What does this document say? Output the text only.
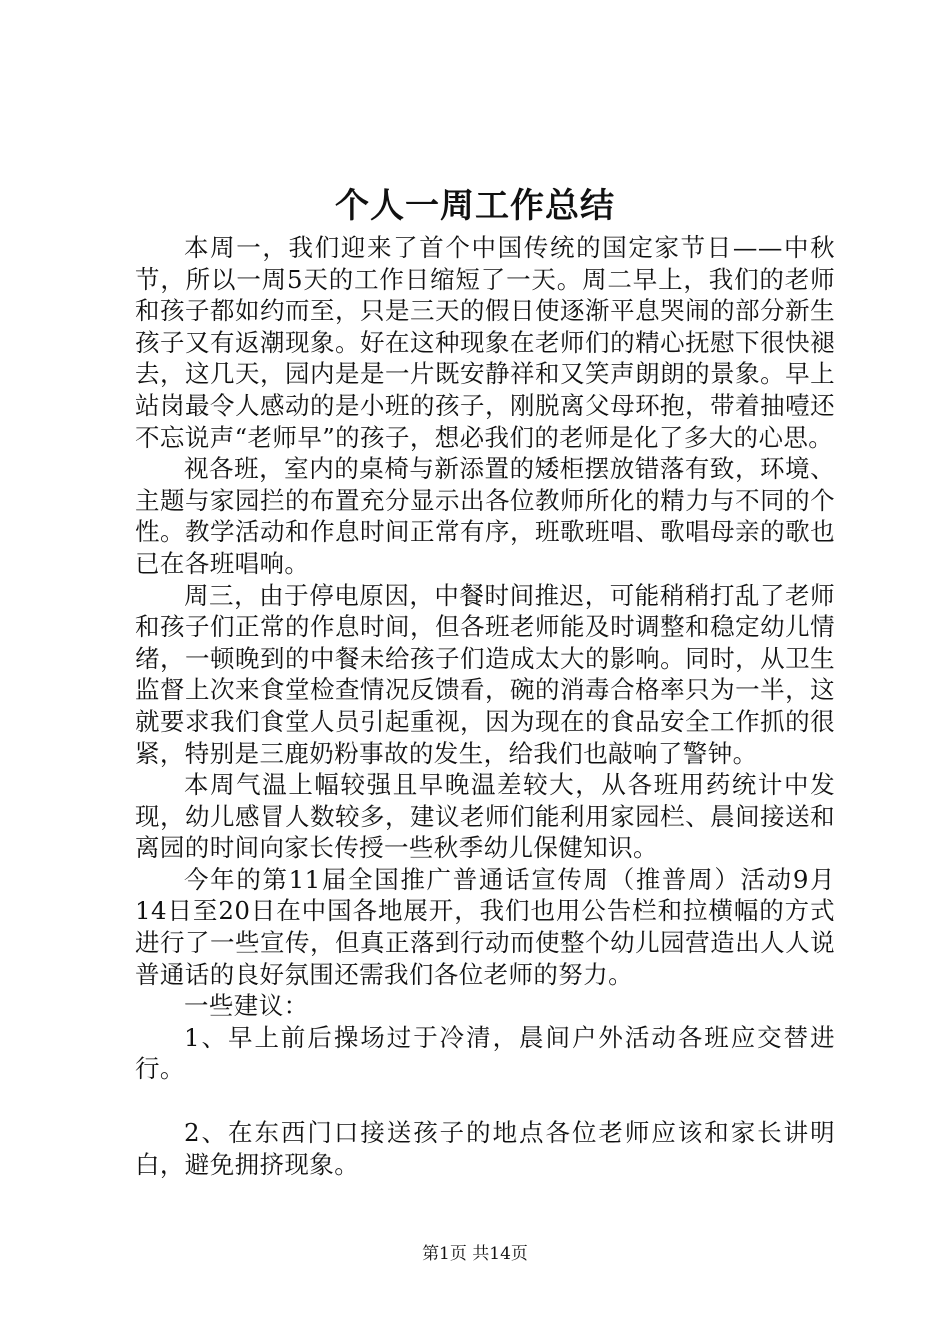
个人一周工作总结

本周一，我们迎来了首个中国传统的国定家节日——中秋节，所以一周5天的工作日缩短了一天。周二早上，我们的老师和孩子都如约而至，只是三天的假日使逐渐平息哭闹的部分新生孩子又有返潮现象。好在这种现象在老师们的精心抚慰下很快褪去，这几天，园内是是一片既安静祥和又笑声朗朗的景象。早上站岗最令人感动的是小班的孩子，刚脱离父母环抱，带着抽噎还不忘说声“老师早”的孩子，想必我们的老师是化了多大的心思。

视各班，室内的桌椅与新添置的矮柜摆放错落有致，环境、主题与家园拦的布置充分显示出各位教师所化的精力与不同的个性。教学活动和作息时间正常有序，班歌班唱、歌唱母亲的歌也已在各班唱响。

周三，由于停电原因，中餐时间推迟，可能稍稍打乱了老师和孩子们正常的作息时间，但各班老师能及时调整和稳定幼儿情绪，一顿晚到的中餐未给孩子们造成太大的影响。同时，从卫生监督上次来食堂检查情况反馈看，碗的消毒合格率只为一半，这就要求我们食堂人员引起重视，因为现在的食品安全工作抓的很紧，特别是三鹿奶粉事故的发生，给我们也敲响了警钟。

本周气温上幅较强且早晚温差较大，从各班用药统计中发现，幼儿感冒人数较多，建议老师们能利用家园栏、晨间接送和离园的时间向家长传授一些秋季幼儿保健知识。

今年的第11届全国推广普通话宣传周（推普周）活动9月14日至20日在中国各地展开，我们也用公告栏和拉横幅的方式进行了一些宣传，但真正落到行动而使整个幼儿园营造出人人说普通话的良好氛围还需我们各位老师的努力。

一些建议：

1、早上前后操场过于冷清，晨间户外活动各班应交替进行。

2、在东西门口接送孩子的地点各位老师应该和家长讲明白，避免拥挤现象。

第1页 共14页
